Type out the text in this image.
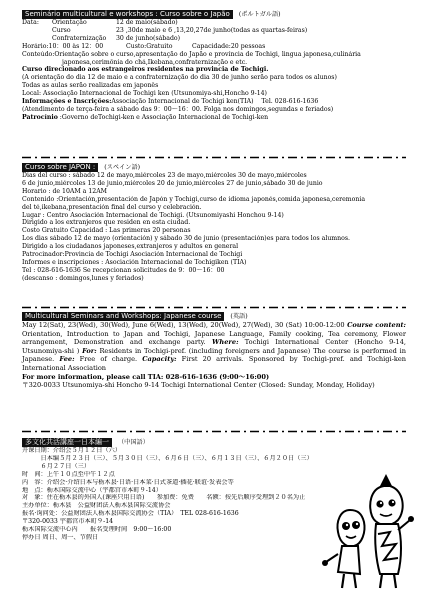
Seminário multicultural e workshops : Curso sobre o Japão (ポルトガル語)
Data: Orientação	12 de maio(sábado)
Curso	23 ,30de maio e 6 ,13,20,27de junho(todas as quartas-feiras)
Confraternização 30 de junho(sábado)
Horário:10：00 às 12：00	Custo:Gratuito	Capacidade:20 pessoas
Conteúdo:Orientação sobre o curso,apresentação do Japão e província de Tochigi, lingua japonesa,culinária
japonesa,cerimônia do chá,Ikebana,confraternização e etc.
Curso direcionado aos estrangeiros residentes na provincia de Tochigi.
(A orientação do dia 12 de maio e a confraternização do dia 30 de junho serão para todos os alunos)
Todas as aulas serão realizadas em japonês
Local: Associação Internacional de Tochigi ken (Utsunomiya-shi,Honcho 9-14)
Informações e Inscrições:Associação Internacional de Tochigi ken(TIA) Tel. 028-616-1636
(Atendimento de terça-feira a sábado das 9：00～16：00. Folga nos domingos,segundas e feriados)
Patrocínio :Governo deTochigi-ken e Associação Internacional de Tochigi-ken
Curso sobre JAPON : (スペイン語)
Dias del curso : sábado 12 de mayo,miércoles 23 de mayo,miércoles 30 de mayo,miércoles
6 de junio,miércoles 13 de junio,miércoles 20 de junio,miércoles 27 de junio,sábado 30 de junio
Horario : de 10AM a 12AM
Contenido :Orientación,presentación de Japón y Tochigi,curso de idioma japonés,comida japonesa,ceremonia
del té,ikebana,presentación final del curso y celebración.
Lugar : Centro Asociación Internacional de Tochigi. (Utsunomiyashi Honchou 9-14)
Dirigido a los extranjeros que residen en esta ciudad.
Costo Gratuito Capacidad : Las primeras 20 personas
Los dias sábado 12 de mayo (orientación) y sábado 30 de junio (presentación)es para todos los alumnos.
Dirigido a los ciudadanos japoneses,extranjeros y adultos en general
Patrocinador:Provincia de Tochigi Asociación Internacional de Tochigi
Informes e inscripciones : Asociación Internacional de Tochigiken (TIA)
Tel : 028-616-1636 Se recepcionan solicitudes de 9：00～16：00
(descanso : domingos,lunes y feriados)
Multicultural Seminars and Workshops: Japanese course (英語)
May 12(Sat), 23(Wed), 30(Wed), June 6(Wed), 13(Wed), 20(Wed), 27(Wed), 30 (Sat) 10:00-12:00 Course content: Orientation, Introduction to Japan and Tochigi, Japanese Language, Family cooking, Tea ceremony, Flower arrangement, Demonstration and exchange party. Where: Tochigi International Center (Honcho 9-14, Utsunomiya-shi ) For: Residents in Tochigi-pref. (including foreigners and Japanese) The course is performed in Japanese. Fee: Free of charge. Capacity: First 20 arrivals. Sponsored by Tochigi-pref. and Tochigi-ken International Association
For more information, please call TIA: 028-616-1636 (9:00～16:00)
〒320-0033 Utsunomiya-shi Honcho 9-14 Tochigi International Center (Closed: Sunday, Monday, Holiday)
多文化共活講座一日本編一 （中国語）
开课日期：介绍会５月１２日（六）
　　　日本编５月２３日（三）、５月３０日（三）、６月６日（三）、６月１３日（三）、６月２０日（三）
　　　６月２７日（三）
时　间：上午１０点至中午１２点
内　容：介绍会·介绍日本与栃木县·日语·日本菜·日式茶道·插花·联谊·发表会等
地　点：栃木国际交流中心（宇都宫市本町９-14）
对　象：住在栃木县的外国人(课座只用日语)　　参加费：免费　　名额：按先后顺序受理到２０名为止
主办单位：栃木县　公益财团法人栃木县国际交流协会
报名·询问处：公益财团法人栃木县国际交流协会（TIA）　TEL 028-616-1636
〒320-0033 宇都宫市本町９-14
栃木国际交流中心内　　报名受理时间　9:00～16:00
停办日 周日、周一、节假日
